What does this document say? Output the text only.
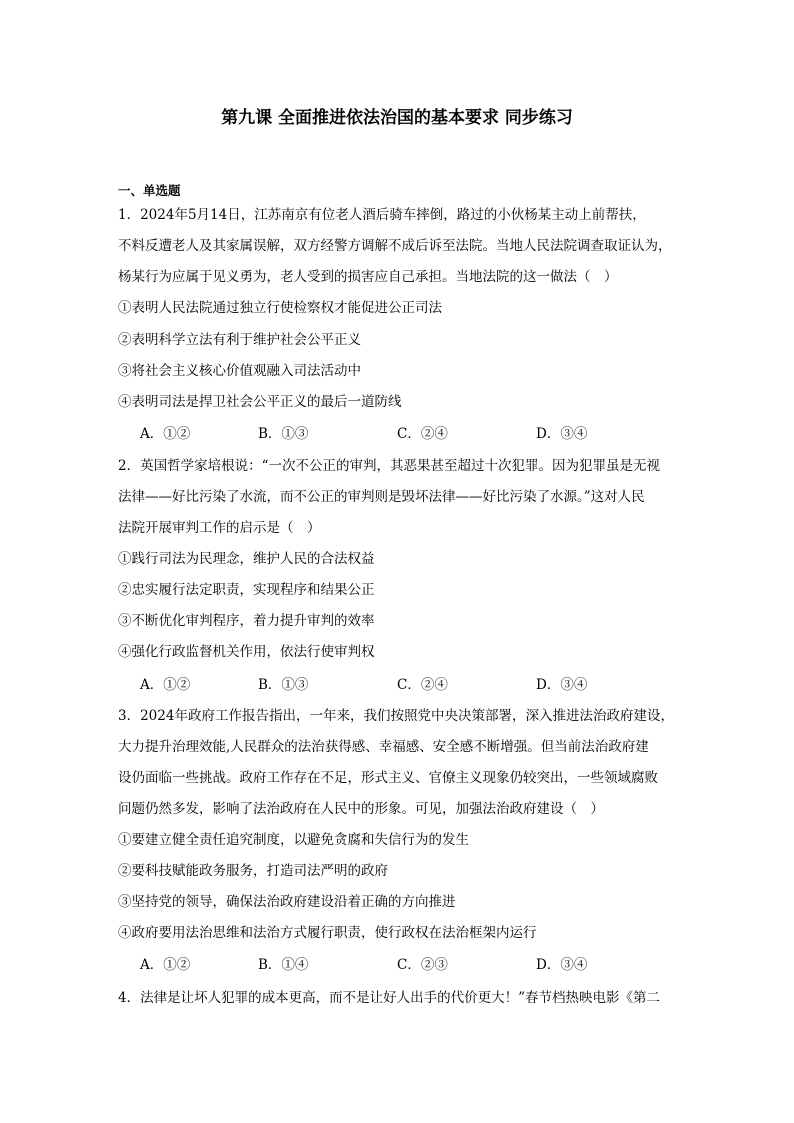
第九课 全面推进依法治国的基本要求 同步练习
一、单选题
1．2024年5月14日，江苏南京有位老人酒后骑车摔倒，路过的小伙杨某主动上前帮扶，
不料反遭老人及其家属误解，双方经警方调解不成后诉至法院。当地人民法院调查取证认为，
杨某行为应属于见义勇为，老人受到的损害应自己承担。当地法院的这一做法（　）
①表明人民法院通过独立行使检察权才能促进公正司法
②表明科学立法有利于维护社会公平正义
③将社会主义核心价值观融入司法活动中
④表明司法是捍卫社会公平正义的最后一道防线
A．①②	B．①③	C．②④	D．③④
2．英国哲学家培根说：“一次不公正的审判，其恶果甚至超过十次犯罪。因为犯罪虽是无视
法律——好比污染了水流，而不公正的审判则是毁坏法律——好比污染了水源。”这对人民
法院开展审判工作的启示是（　）
①践行司法为民理念，维护人民的合法权益
②忠实履行法定职责，实现程序和结果公正
③不断优化审判程序，着力提升审判的效率
④强化行政监督机关作用，依法行使审判权
A．①②	B．①③	C．②④	D．③④
3．2024年政府工作报告指出，一年来，我们按照党中央决策部署，深入推进法治政府建设，
大力提升治理效能,人民群众的法治获得感、幸福感、安全感不断增强。但当前法治政府建
设仍面临一些挑战。政府工作存在不足，形式主义、官僚主义现象仍较突出，一些领域腐败
问题仍然多发，影响了法治政府在人民中的形象。可见，加强法治政府建设（　）
①要建立健全责任追究制度，以避免贪腐和失信行为的发生
②要科技赋能政务服务，打造司法严明的政府
③坚持党的领导，确保法治政府建设沿着正确的方向推进
④政府要用法治思维和法治方式履行职责，使行政权在法治框架内运行
A．①②	B．①④	C．②③	D．③④
4．法律是让坏人犯罪的成本更高，而不是让好人出手的代价更大！”春节档热映电影《第二
